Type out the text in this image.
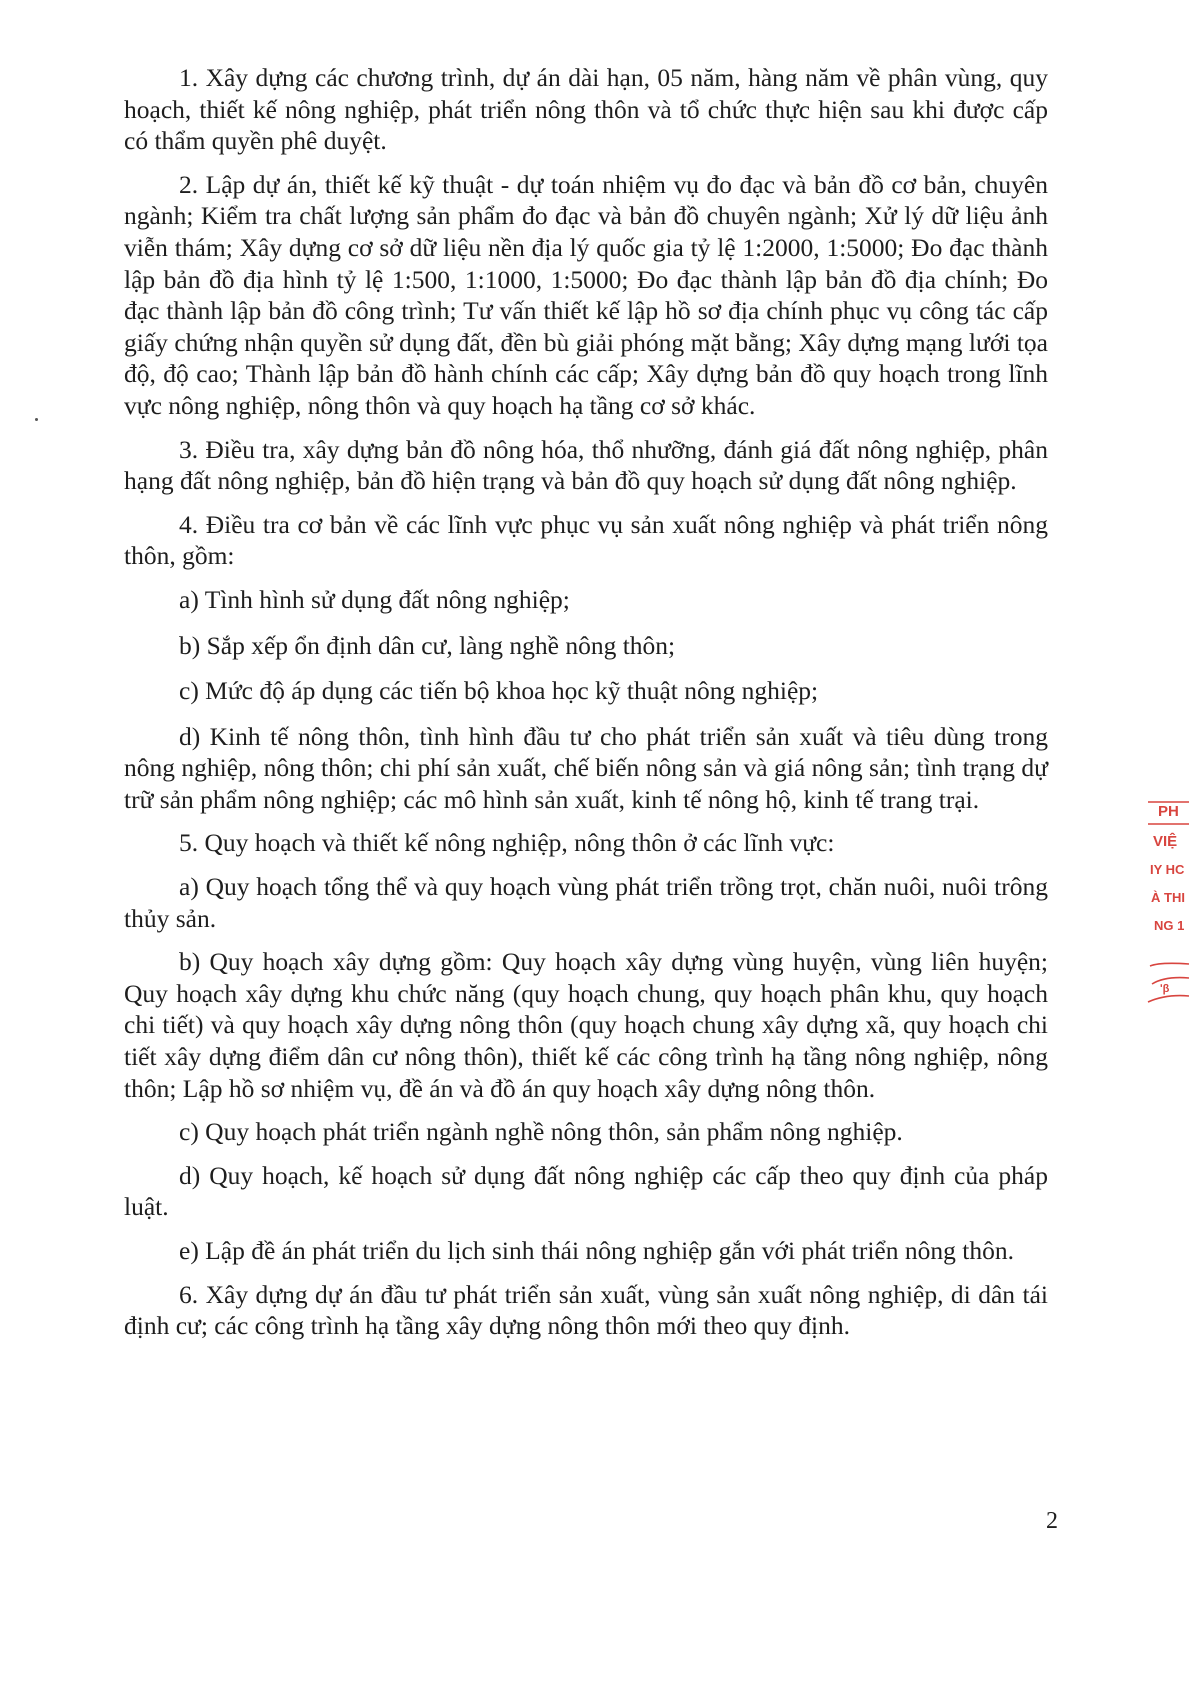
1. Xây dựng các chương trình, dự án dài hạn, 05 năm, hàng năm về phân vùng, quy hoạch, thiết kế nông nghiệp, phát triển nông thôn và tổ chức thực hiện sau khi được cấp có thẩm quyền phê duyệt.

2. Lập dự án, thiết kế kỹ thuật - dự toán nhiệm vụ đo đạc và bản đồ cơ bản, chuyên ngành; Kiểm tra chất lượng sản phẩm đo đạc và bản đồ chuyên ngành; Xử lý dữ liệu ảnh viễn thám; Xây dựng cơ sở dữ liệu nền địa lý quốc gia tỷ lệ 1:2000, 1:5000; Đo đạc thành lập bản đồ địa hình tỷ lệ 1:500, 1:1000, 1:5000; Đo đạc thành lập bản đồ địa chính; Đo đạc thành lập bản đồ công trình; Tư vấn thiết kế lập hồ sơ địa chính phục vụ công tác cấp giấy chứng nhận quyền sử dụng đất, đền bù giải phóng mặt bằng; Xây dựng mạng lưới tọa độ, độ cao; Thành lập bản đồ hành chính các cấp; Xây dựng bản đồ quy hoạch trong lĩnh vực nông nghiệp, nông thôn và quy hoạch hạ tầng cơ sở khác.

3. Điều tra, xây dựng bản đồ nông hóa, thổ nhưỡng, đánh giá đất nông nghiệp, phân hạng đất nông nghiệp, bản đồ hiện trạng và bản đồ quy hoạch sử dụng đất nông nghiệp.

4. Điều tra cơ bản về các lĩnh vực phục vụ sản xuất nông nghiệp và phát triển nông thôn, gồm:

a) Tình hình sử dụng đất nông nghiệp;

b) Sắp xếp ổn định dân cư, làng nghề nông thôn;

c) Mức độ áp dụng các tiến bộ khoa học kỹ thuật nông nghiệp;

d) Kinh tế nông thôn, tình hình đầu tư cho phát triển sản xuất và tiêu dùng trong nông nghiệp, nông thôn; chi phí sản xuất, chế biến nông sản và giá nông sản; tình trạng dự trữ sản phẩm nông nghiệp; các mô hình sản xuất, kinh tế nông hộ, kinh tế trang trại.

5. Quy hoạch và thiết kế nông nghiệp, nông thôn ở các lĩnh vực:

a) Quy hoạch tổng thể và quy hoạch vùng phát triển trồng trọt, chăn nuôi, nuôi trông thủy sản.

b) Quy hoạch xây dựng gồm: Quy hoạch xây dựng vùng huyện, vùng liên huyện; Quy hoạch xây dựng khu chức năng (quy hoạch chung, quy hoạch phân khu, quy hoạch chi tiết) và quy hoạch xây dựng nông thôn (quy hoạch chung xây dựng xã, quy hoạch chi tiết xây dựng điểm dân cư nông thôn), thiết kế các công trình hạ tầng nông nghiệp, nông thôn; Lập hồ sơ nhiệm vụ, đề án và đồ án quy hoạch xây dựng nông thôn.

c) Quy hoạch phát triển ngành nghề nông thôn, sản phẩm nông nghiệp.

d) Quy hoạch, kế hoạch sử dụng đất nông nghiệp các cấp theo quy định của pháp luật.

e) Lập đề án phát triển du lịch sinh thái nông nghiệp gắn với phát triển nông thôn.

6. Xây dựng dự án đầu tư phát triển sản xuất, vùng sản xuất nông nghiệp, di dân tái định cư; các công trình hạ tầng xây dựng nông thôn mới theo quy định.

2
PH
VIỆ
IY HC
À THI
NG 1
ʹβ
